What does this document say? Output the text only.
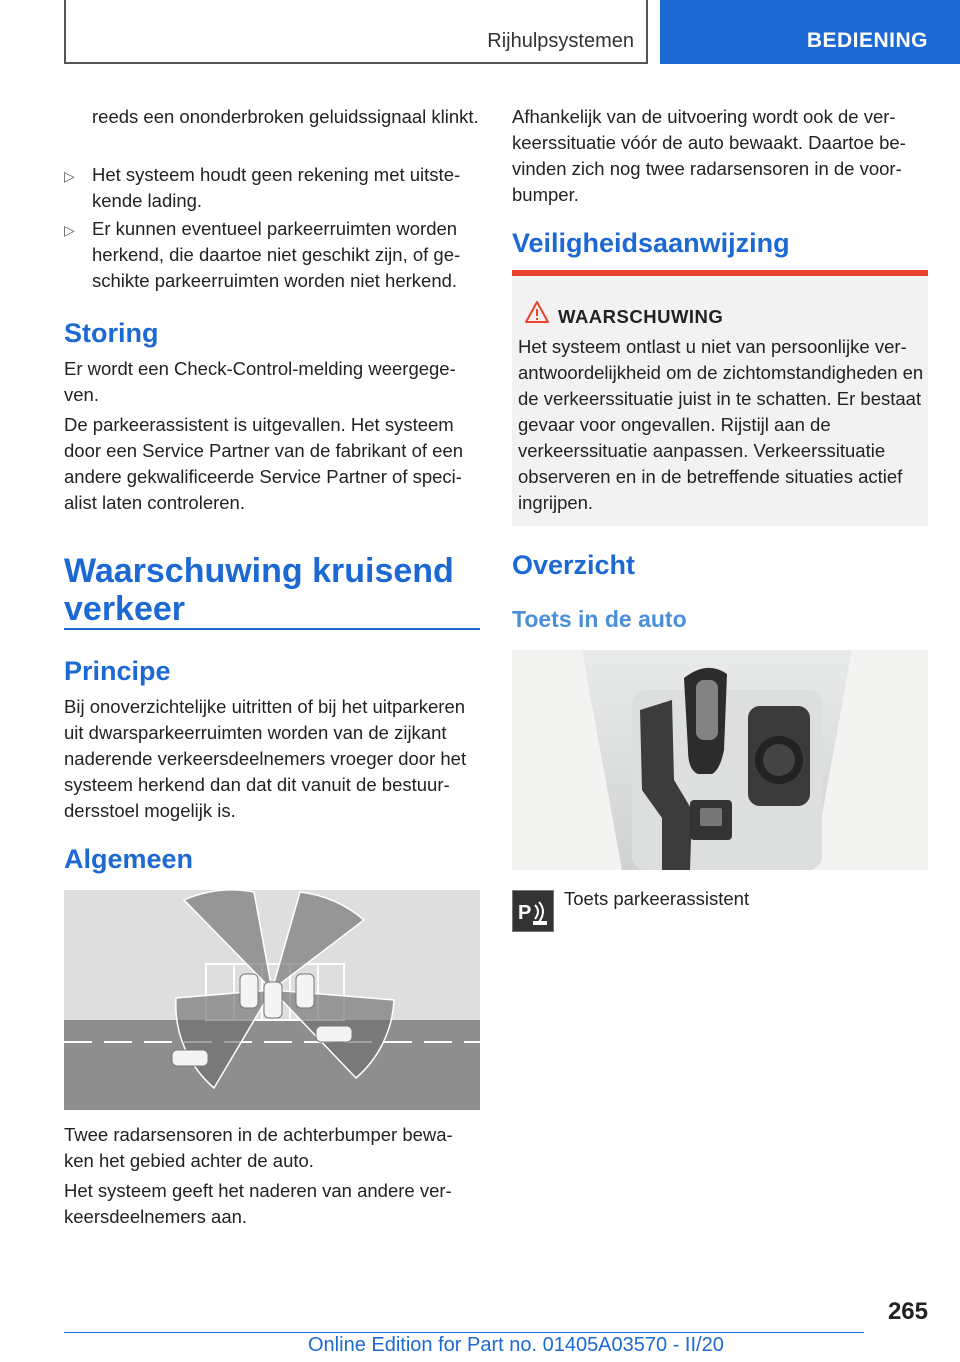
Rijhulpsystemen	BEDIENING

reeds een ononderbroken geluidssignaal klinkt.

▷ Het systeem houdt geen rekening met uitste-kende lading.

▷ Er kunnen eventueel parkeerruimten worden herkend, die daartoe niet geschikt zijn, of ge-schikte parkeerruimten worden niet herkend.

Storing

Er wordt een Check-Control-melding weergege-ven.

De parkeerassistent is uitgevallen. Het systeem door een Service Partner van de fabrikant of een andere gekwalificeerde Service Partner of speci-alist laten controleren.

Waarschuwing kruisend verkeer
Principe

Bij onoverzichtelijke uitritten of bij het uitparkeren uit dwarsparkeerruimten worden van de zijkant naderende verkeersdeelnemers vroeger door het systeem herkend dan dat dit vanuit de bestuur-dersstoel mogelijk is.

Algemeen

Twee radarsensoren in de achterbumper bewa-ken het gebied achter de auto.

Het systeem geeft het naderen van andere ver-keersdeelnemers aan.

Afhankelijk van de uitvoering wordt ook de ver-keerssituatie vóór de auto bewaakt. Daartoe be-vinden zich nog twee radarsensoren in de voor-bumper.

Veiligheidsaanwijzing
WAARSCHUWING
Het systeem ontlast u niet van persoonlijke ver-antwoordelijkheid om de zichtomstandigheden en de verkeerssituatie juist in te schatten. Er bestaat gevaar voor ongevallen. Rijstijl aan de verkeerssituatie aanpassen. Verkeerssituatie observeren en in de betreffende situaties actief ingrijpen.
Overzicht
Toets in de auto
P

Toets parkeerassistent

265
Online Edition for Part no. 01405A03570 - II/20
